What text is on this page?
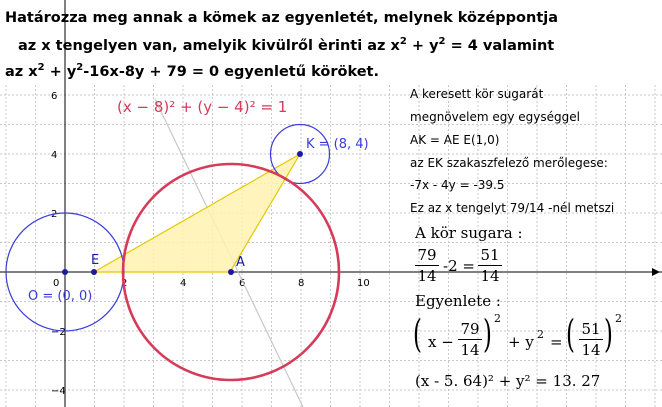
2	4	6	8	10
6
4
2
−2
−4
0
K = (8, 4)
O = (0, 0)
E	A
(x − 8)² + (y − 4)² = 1
Határozza meg annak a kömek az egyenletét, melynek középpontja
az x tengelyen van, amelyik kivülről èrinti az $x^2 + y^2 = 4$ valamint
az $x^2 + y^2-16x-8y + 79 = 0$ egyenletű köröket.
A keresett kör sugarát
megnövelem egy egységgel
AK = AE E(1,0)
az EK szakaszfelező merőlegese:
-7x - 4y = -39.5
Ez az x tengelyt 79/14 -nél metszi
A kör sugara :
79
14
-2 =
51
14
Egyenlete :
( x −
79
14 ) 2
+ y 2 = ( 51
14 ) 2
(x - 5. 64)² + y² = 13. 27
